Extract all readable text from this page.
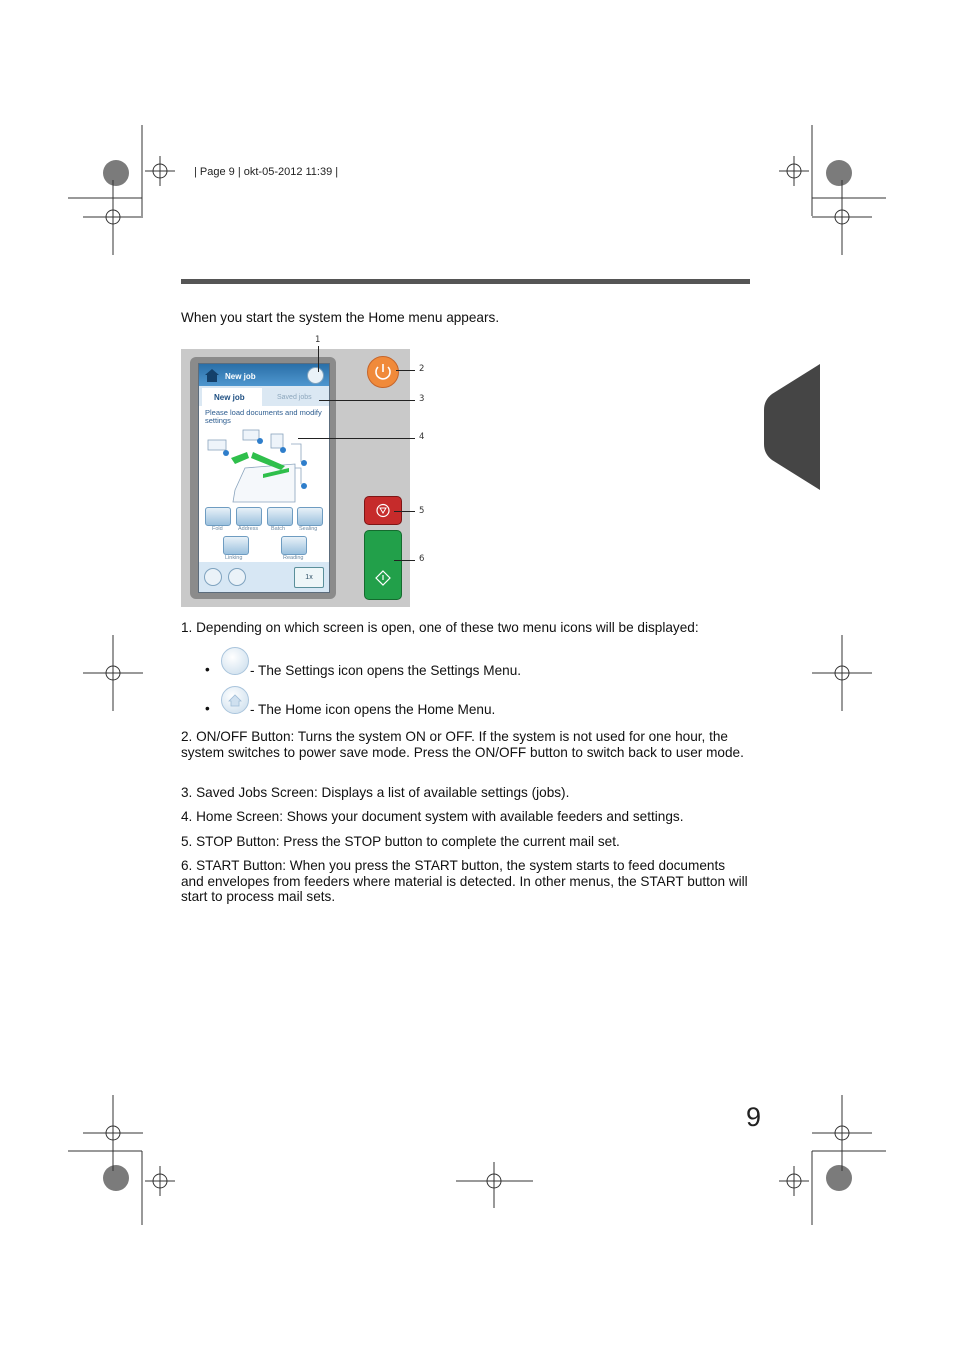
| Page 9 | okt-05-2012 11:39 |
When you start the system the Home menu appears.
New job
New job	Saved jobs
Please load documents and modify settings
Fold	Address Batch	Sealing
Linking	Reading
1x
1
2
3
4
5
6
1. Depending on which screen is open, one of these two menu icons will be displayed:
•	- The Settings icon opens the Settings Menu.
•	- The Home icon opens the Home Menu.
2. ON/OFF Button: Turns the system ON or OFF. If the system is not used for one hour, the system switches to power save mode. Press the ON/OFF button to switch back to user mode.
3. Saved Jobs Screen: Displays a list of available settings (jobs).
4. Home Screen: Shows your document system with available feeders and settings.
5. STOP Button: Press the STOP button to complete the current mail set.
6. START Button: When you press the START button, the system starts to feed documents and envelopes from feeders where material is detected. In other menus, the START button will start to process mail sets.
9
